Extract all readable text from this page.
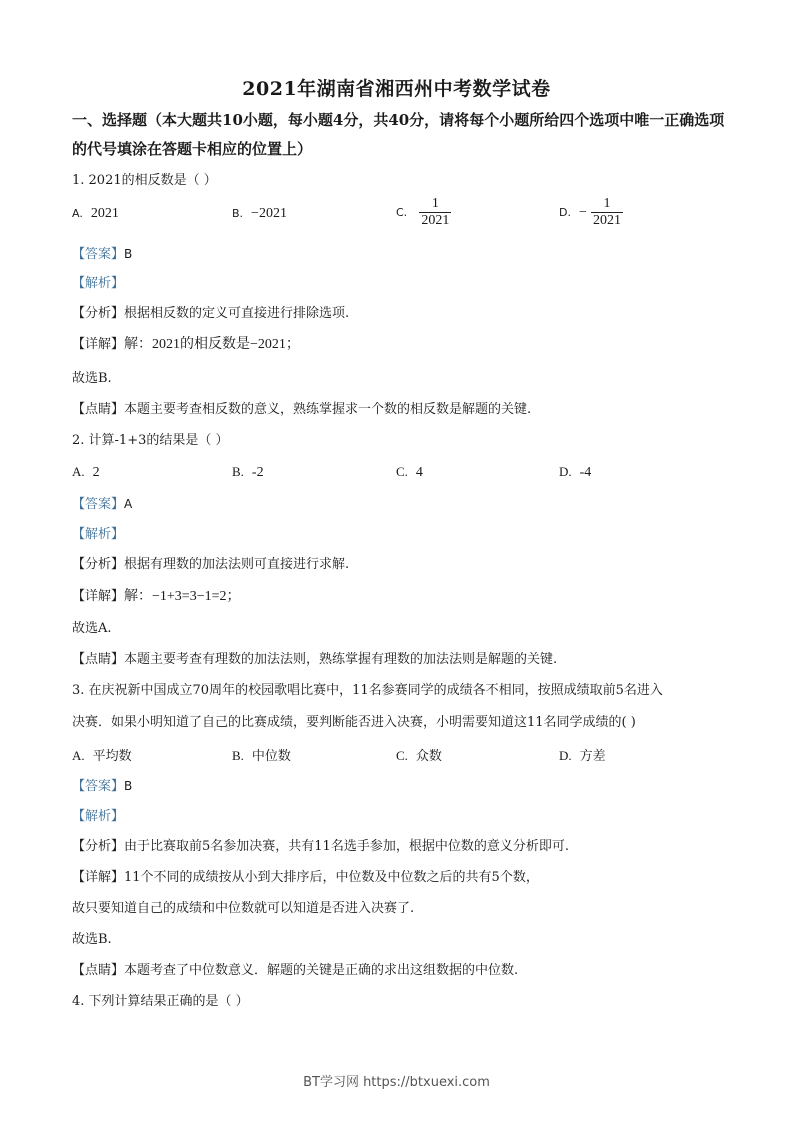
2021年湖南省湘西州中考数学试卷
一、选择题（本大题共10小题，每小题4分，共40分，请将每个小题所给四个选项中唯一正确选项的代号填涂在答题卡相应的位置上）
1. 2021的相反数是（ ）
A. 2021	B. −2021	C. $\frac{1}{2021}$	D. − $\frac{1}{2021}$
【答案】B
【解析】
【分析】根据相反数的定义可直接进行排除选项.
【详解】解：2021的相反数是−2021；
故选B.
【点睛】本题主要考查相反数的意义，熟练掌握求一个数的相反数是解题的关键.
2. 计算-1+3的结果是（ ）
A. 2	B. -2	C. 4	D. -4
【答案】A
【解析】
【分析】根据有理数的加法法则可直接进行求解.
【详解】解：−1+3=3−1=2；
故选A.
【点睛】本题主要考查有理数的加法法则，熟练掌握有理数的加法法则是解题的关键.
3. 在庆祝新中国成立70周年的校园歌唱比赛中，11名参赛同学的成绩各不相同，按照成绩取前5名进入
决赛．如果小明知道了自己的比赛成绩，要判断能否进入决赛，小明需要知道这11名同学成绩的( )
A. 平均数	B. 中位数	C. 众数	D. 方差
【答案】B
【解析】
【分析】由于比赛取前5名参加决赛，共有11名选手参加，根据中位数的意义分析即可.
【详解】11个不同的成绩按从小到大排序后，中位数及中位数之后的共有5个数，
故只要知道自己的成绩和中位数就可以知道是否进入决赛了.
故选B.
【点睛】本题考查了中位数意义．解题的关键是正确的求出这组数据的中位数.
4. 下列计算结果正确的是（ ）
BT学习网 https://btxuexi.com
